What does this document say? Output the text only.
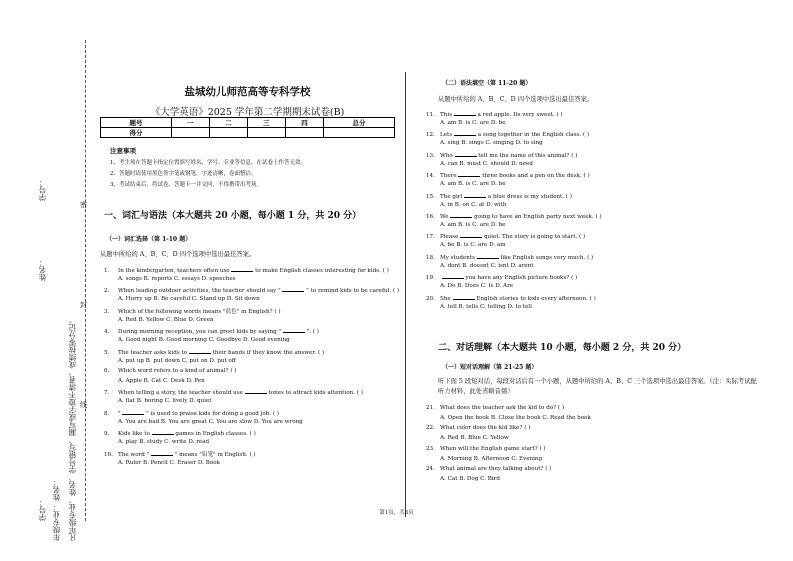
年级专业：
姓名： 凡年级专业、姓名、学号错写、漏写或字迹不清者，成绩按零分记。
学号：
姓名：
学号：
密
封
线
盐城幼儿师范高等专科学校
《大学英语》2025 学年第二学期期末试卷(B)
题号	一	二	三	四	总分
得分					
注意事项
1、考生须在答题卡指定位置填写姓名、学号、专业等信息，在试卷上作答无效。
2、答题时请使用黑色签字笔或钢笔，字迹清晰，卷面整洁。
3、考试结束后，将试卷、答题卡一并交回，不得携带出考场。
一、词汇与语法（本大题共 20 小题，每小题 1 分，共 20 分）
（一）词汇选择（第 1-10 题）
从题中所给的 A、B、C、D 四个选项中选出最佳答案。
1. In the kindergarten, teachers often use	to make English classes interesting for kids. ( )
A. songs B. reports C. essays D. speeches
2. When leading outdoor activities, the teacher should say "	" to remind kids to be careful. ( )
A. Hurry up B. Be careful C. Stand up D. Sit down
3. Which of the following words means "蓝色" in English? ( )
A. Red B. Yellow C. Blue D. Green
4. During morning reception, you can greet kids by saying "	". ( )
A. Good night B. Good morning C. Goodbye D. Good evening
5. The teacher asks kids to	their hands if they know the answer. ( )
A. put up B. put down C. put on D. put off
6. Which word refers to a kind of animal? ( )
A. Apple B. Cat C. Desk D. Pen
7. When telling a story, the teacher should use	tones to attract kids attention. ( )
A. flat B. boring C. lively D. quiet
8. "	" is used to praise kids for doing a good job. ( )
A. You are bad B. You are great C. You are slow D. You are wrong
9. Kids like to	games in English classes. ( )
A. play B. study C. write D. read
10. The word "	" means "铅笔" in English. ( )
A. Ruler B. Pencil C. Eraser D. Book
（二）语法填空（第 11-20 题）
从题中所给的 A、B、C、D 四个选项中选出最佳答案。
11. This	a red apple. Its very sweet. ( )
A. am B. is C. are D. be
12. Lets	a song together in the English class. ( )
A. sing B. sings C. singing D. to sing
13. Who	tell me the name of this animal? ( )
A. can B. must C. should D. need
14. There	three books and a pen on the desk. ( )
A. am B. is C. are D. be
15. The girl	a blue dress is my student. ( )
A. in B. on C. at D. with
16. We	going to have an English party next week. ( )
A. am B. is C. are D. be
17. Please	quiet. The story is going to start. ( )
A. be B. is C. are D. am
18. My students	like English songs very much. ( )
A. dont B. doesnt C. isnt D. arent
19.	you have any English picture books? ( )
A. Do B. Does C. Is D. Are
20. She	English stories to kids every afternoon. ( )
A. tell B. tells C. telling D. to tell
二、对话理解（本大题共 10 小题，每小题 2 分，共 20 分）
（一）短对话理解（第 21-25 题）
听下面 5 段短对话，每段对话后有一个小题，从题中所给的 A、B、C 三个选项中选出最佳答案。（注：实际考试配听力材料，此处省略音频）
21. What does the teacher ask the kid to do? ( )
A. Open the book B. Close the book C. Read the book
22. What color does the kid like? ( )
A. Red B. Blue C. Yellow
23. When will the English game start? ( )
A. Morning B. Afternoon C. Evening
24. What animal are they talking about? ( )
A. Cat B. Dog C. Bird
第1页，共3页
